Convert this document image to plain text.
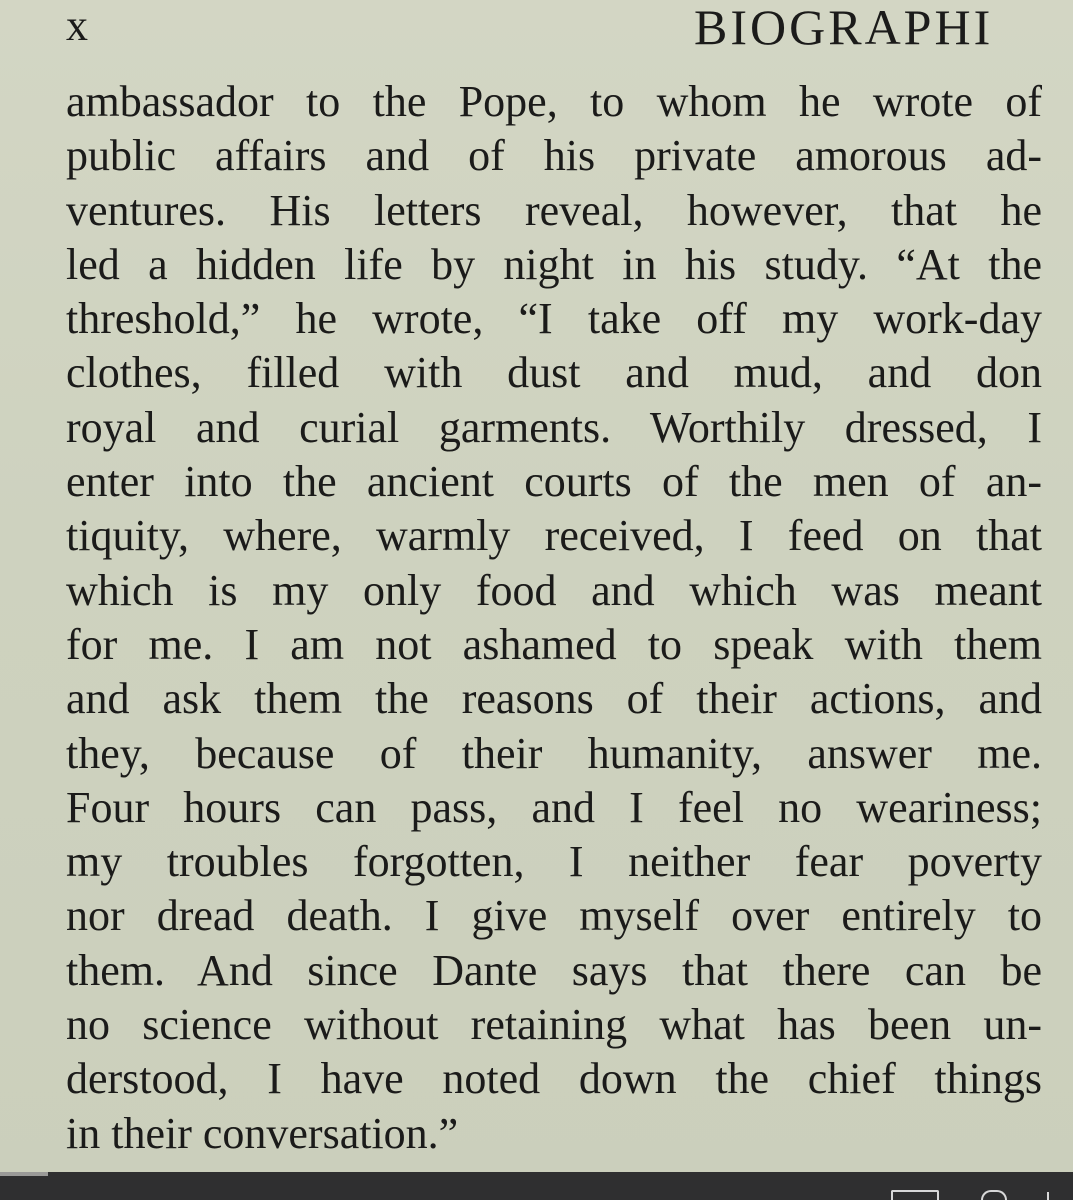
x	BIOGRAPHI
ambassador to the Pope, to whom he wrote of
public affairs and of his private amorous ad-
ventures. His letters reveal, however, that he
led a hidden life by night in his study. “At the
threshold,” he wrote, “I take off my work-day
clothes, filled with dust and mud, and don
royal and curial garments. Worthily dressed, I
enter into the ancient courts of the men of an-
tiquity, where, warmly received, I feed on that
which is my only food and which was meant
for me. I am not ashamed to speak with them
and ask them the reasons of their actions, and
they, because of their humanity, answer me.
Four hours can pass, and I feel no weariness;
my troubles forgotten, I neither fear poverty
nor dread death. I give myself over entirely to
them. And since Dante says that there can be
no science without retaining what has been un-
derstood, I have noted down the chief things
in their conversation.”
